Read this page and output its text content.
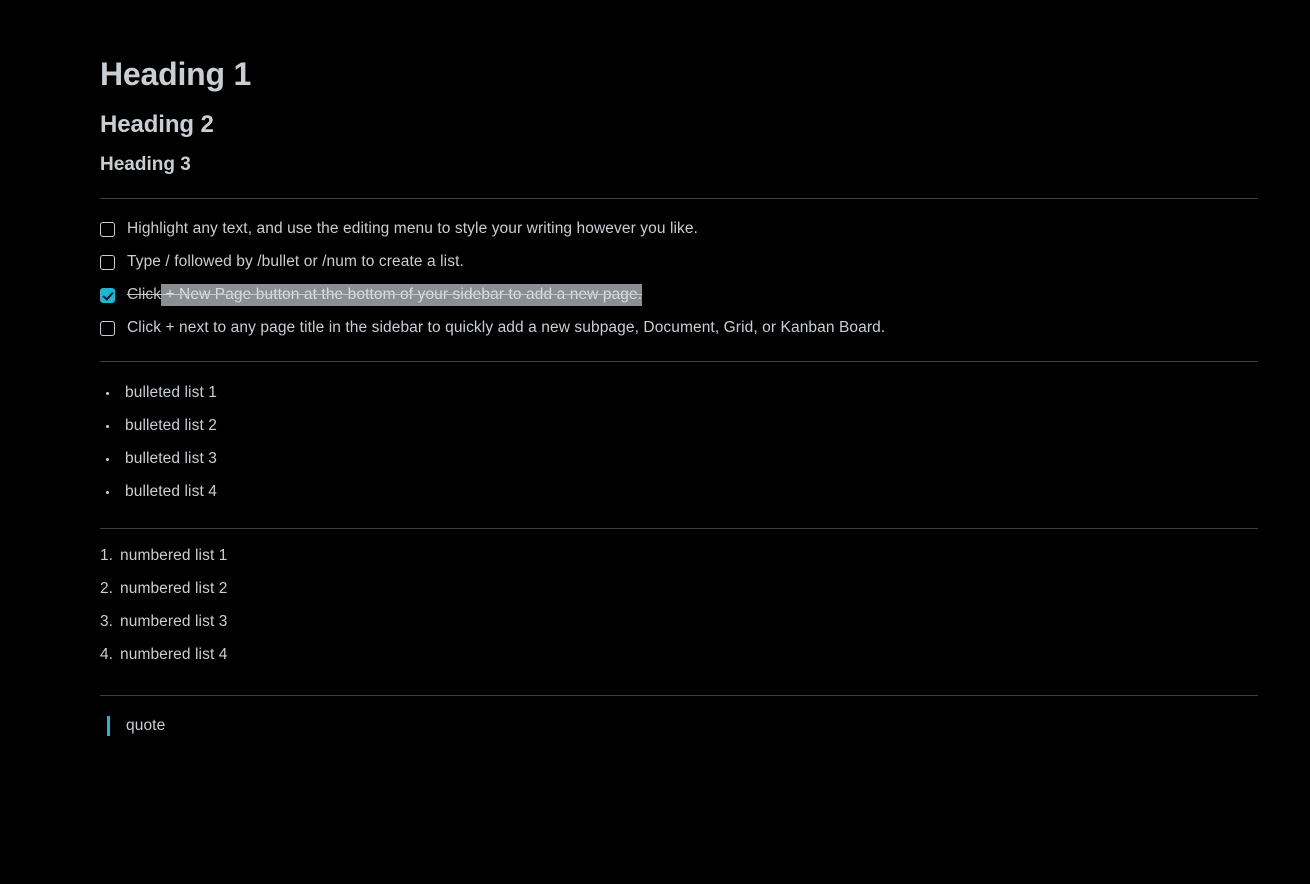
Heading 1
Heading 2
Heading 3
Highlight any text, and use the editing menu to style your writing however you like.
Type / followed by /bullet or /num to create a list.
Click + New Page button at the bottom of your sidebar to add a new page.
Click + next to any page title in the sidebar to quickly add a new subpage, Document, Grid, or Kanban Board.
bulleted list 1
bulleted list 2
bulleted list 3
bulleted list 4
1. numbered list 1
2. numbered list 2
3. numbered list 3
4. numbered list 4
quote
